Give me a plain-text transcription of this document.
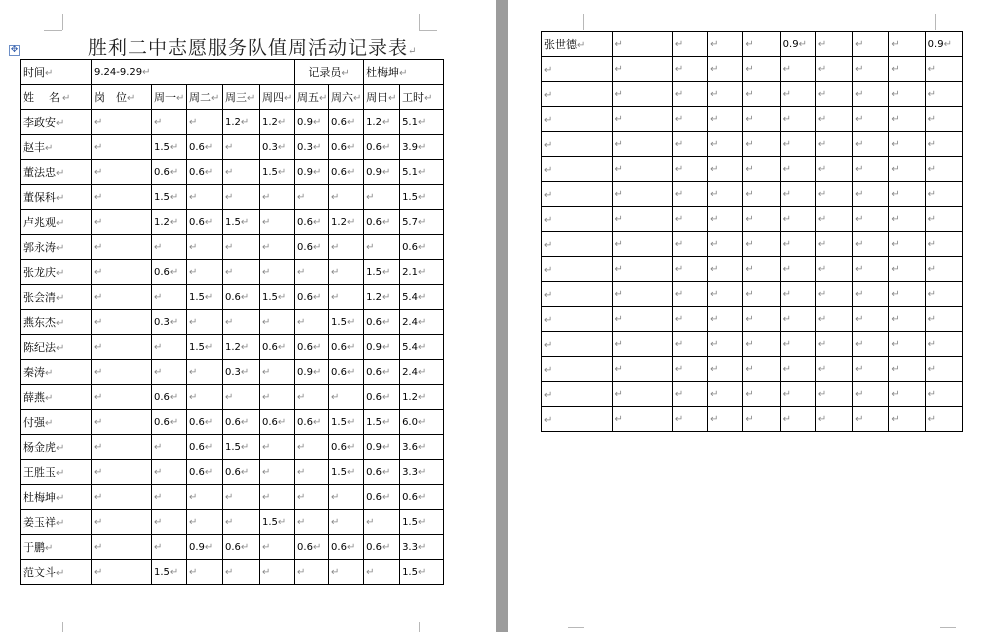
✥	胜利二中志愿服务队值周活动记录表↵
时间↵	9.24-9.29↵					记录员↵		杜梅坤↵	
姓　名↵	岗　位↵	周一↵	周二↵	周三↵	周四↵	周五↵	周六↵	周日↵	工时↵
李政安↵	↵	↵	↵	1.2↵	1.2↵	0.9↵	0.6↵	1.2↵	5.1↵
赵丰↵	↵	1.5↵	0.6↵	↵	0.3↵	0.3↵	0.6↵	0.6↵	3.9↵
董法忠↵	↵	0.6↵	0.6↵	↵	1.5↵	0.9↵	0.6↵	0.9↵	5.1↵
董保科↵	↵	1.5↵	↵	↵	↵	↵	↵	↵	1.5↵
卢兆观↵	↵	1.2↵	0.6↵	1.5↵	↵	0.6↵	1.2↵	0.6↵	5.7↵
郭永涛↵	↵	↵	↵	↵	↵	0.6↵	↵	↵	0.6↵
张龙庆↵	↵	0.6↵	↵	↵	↵	↵	↵	1.5↵	2.1↵
张会清↵	↵	↵	1.5↵	0.6↵	1.5↵	0.6↵	↵	1.2↵	5.4↵
燕东杰↵	↵	0.3↵	↵	↵	↵	↵	1.5↵	0.6↵	2.4↵
陈纪法↵	↵	↵	1.5↵	1.2↵	0.6↵	0.6↵	0.6↵	0.9↵	5.4↵
秦涛↵	↵	↵	↵	0.3↵	↵	0.9↵	0.6↵	0.6↵	2.4↵
薛燕↵	↵	0.6↵	↵	↵	↵	↵	↵	0.6↵	1.2↵
付强↵	↵	0.6↵	0.6↵	0.6↵	0.6↵	0.6↵	1.5↵	1.5↵	6.0↵
杨金虎↵	↵	↵	0.6↵	1.5↵	↵	↵	0.6↵	0.9↵	3.6↵
王胜玉↵	↵	↵	0.6↵	0.6↵	↵	↵	1.5↵	0.6↵	3.3↵
杜梅坤↵	↵	↵	↵	↵	↵	↵	↵	0.6↵	0.6↵
姜玉祥↵	↵	↵	↵	↵	1.5↵	↵	↵	↵	1.5↵
于鹏↵	↵	↵	0.9↵	0.6↵	↵	0.6↵	0.6↵	0.6↵	3.3↵
范文斗↵	↵	1.5↵	↵	↵	↵	↵	↵	↵	1.5↵
张世德↵	↵	↵	↵	↵	0.9↵	↵	↵	↵	0.9↵
↵	↵	↵	↵	↵	↵	↵	↵	↵	↵
↵	↵	↵	↵	↵	↵	↵	↵	↵	↵
↵	↵	↵	↵	↵	↵	↵	↵	↵	↵
↵	↵	↵	↵	↵	↵	↵	↵	↵	↵
↵	↵	↵	↵	↵	↵	↵	↵	↵	↵
↵	↵	↵	↵	↵	↵	↵	↵	↵	↵
↵	↵	↵	↵	↵	↵	↵	↵	↵	↵
↵	↵	↵	↵	↵	↵	↵	↵	↵	↵
↵	↵	↵	↵	↵	↵	↵	↵	↵	↵
↵	↵	↵	↵	↵	↵	↵	↵	↵	↵
↵	↵	↵	↵	↵	↵	↵	↵	↵	↵
↵	↵	↵	↵	↵	↵	↵	↵	↵	↵
↵	↵	↵	↵	↵	↵	↵	↵	↵	↵
↵	↵	↵	↵	↵	↵	↵	↵	↵	↵
↵	↵	↵	↵	↵	↵	↵	↵	↵	↵
